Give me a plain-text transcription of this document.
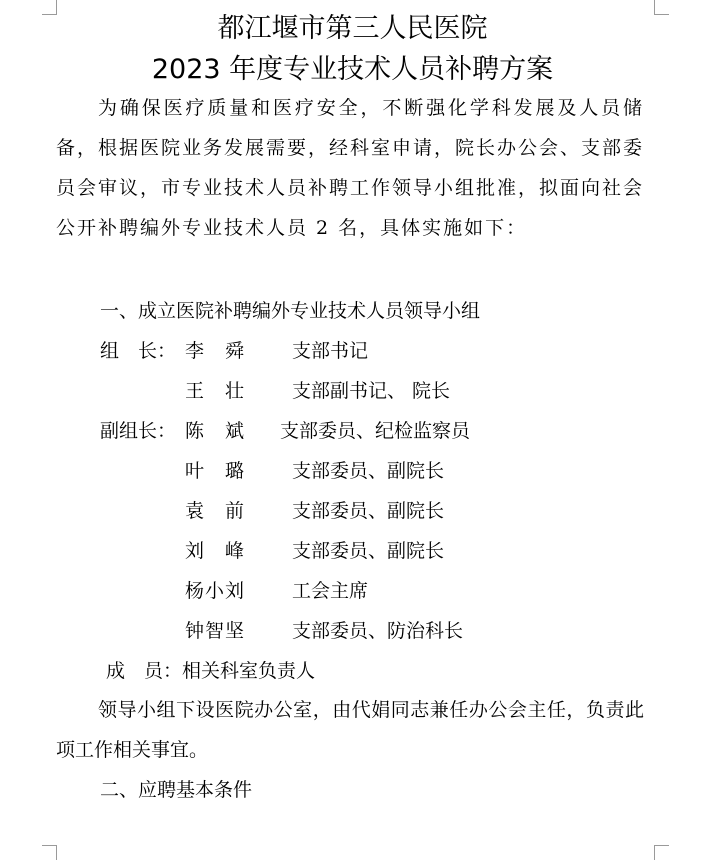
都江堰市第三人民医院
2023 年度专业技术人员补聘方案

为确保医疗质量和医疗安全，不断强化学科发展及人员储备，根据医院业务发展需要，经科室申请，院长办公会、支部委员会审议，市专业技术人员补聘工作领导小组批准，拟面向社会公开补聘编外专业技术人员 2 名，具体实施如下：

一、成立医院补聘编外专业技术人员领导小组
组　长： 李　舜 支部书记
王　壮 支部副书记、 院长
副组长： 陈　斌 支部委员、纪检监察员
叶　璐 支部委员、副院长
袁　前 支部委员、副院长
刘　峰 支部委员、副院长
杨小刘 工会主席
钟智坚 支部委员、防治科长
成　员：相关科室负责人

领导小组下设医院办公室，由代娟同志兼任办公会主任，负责此项工作相关事宜。

二、应聘基本条件
